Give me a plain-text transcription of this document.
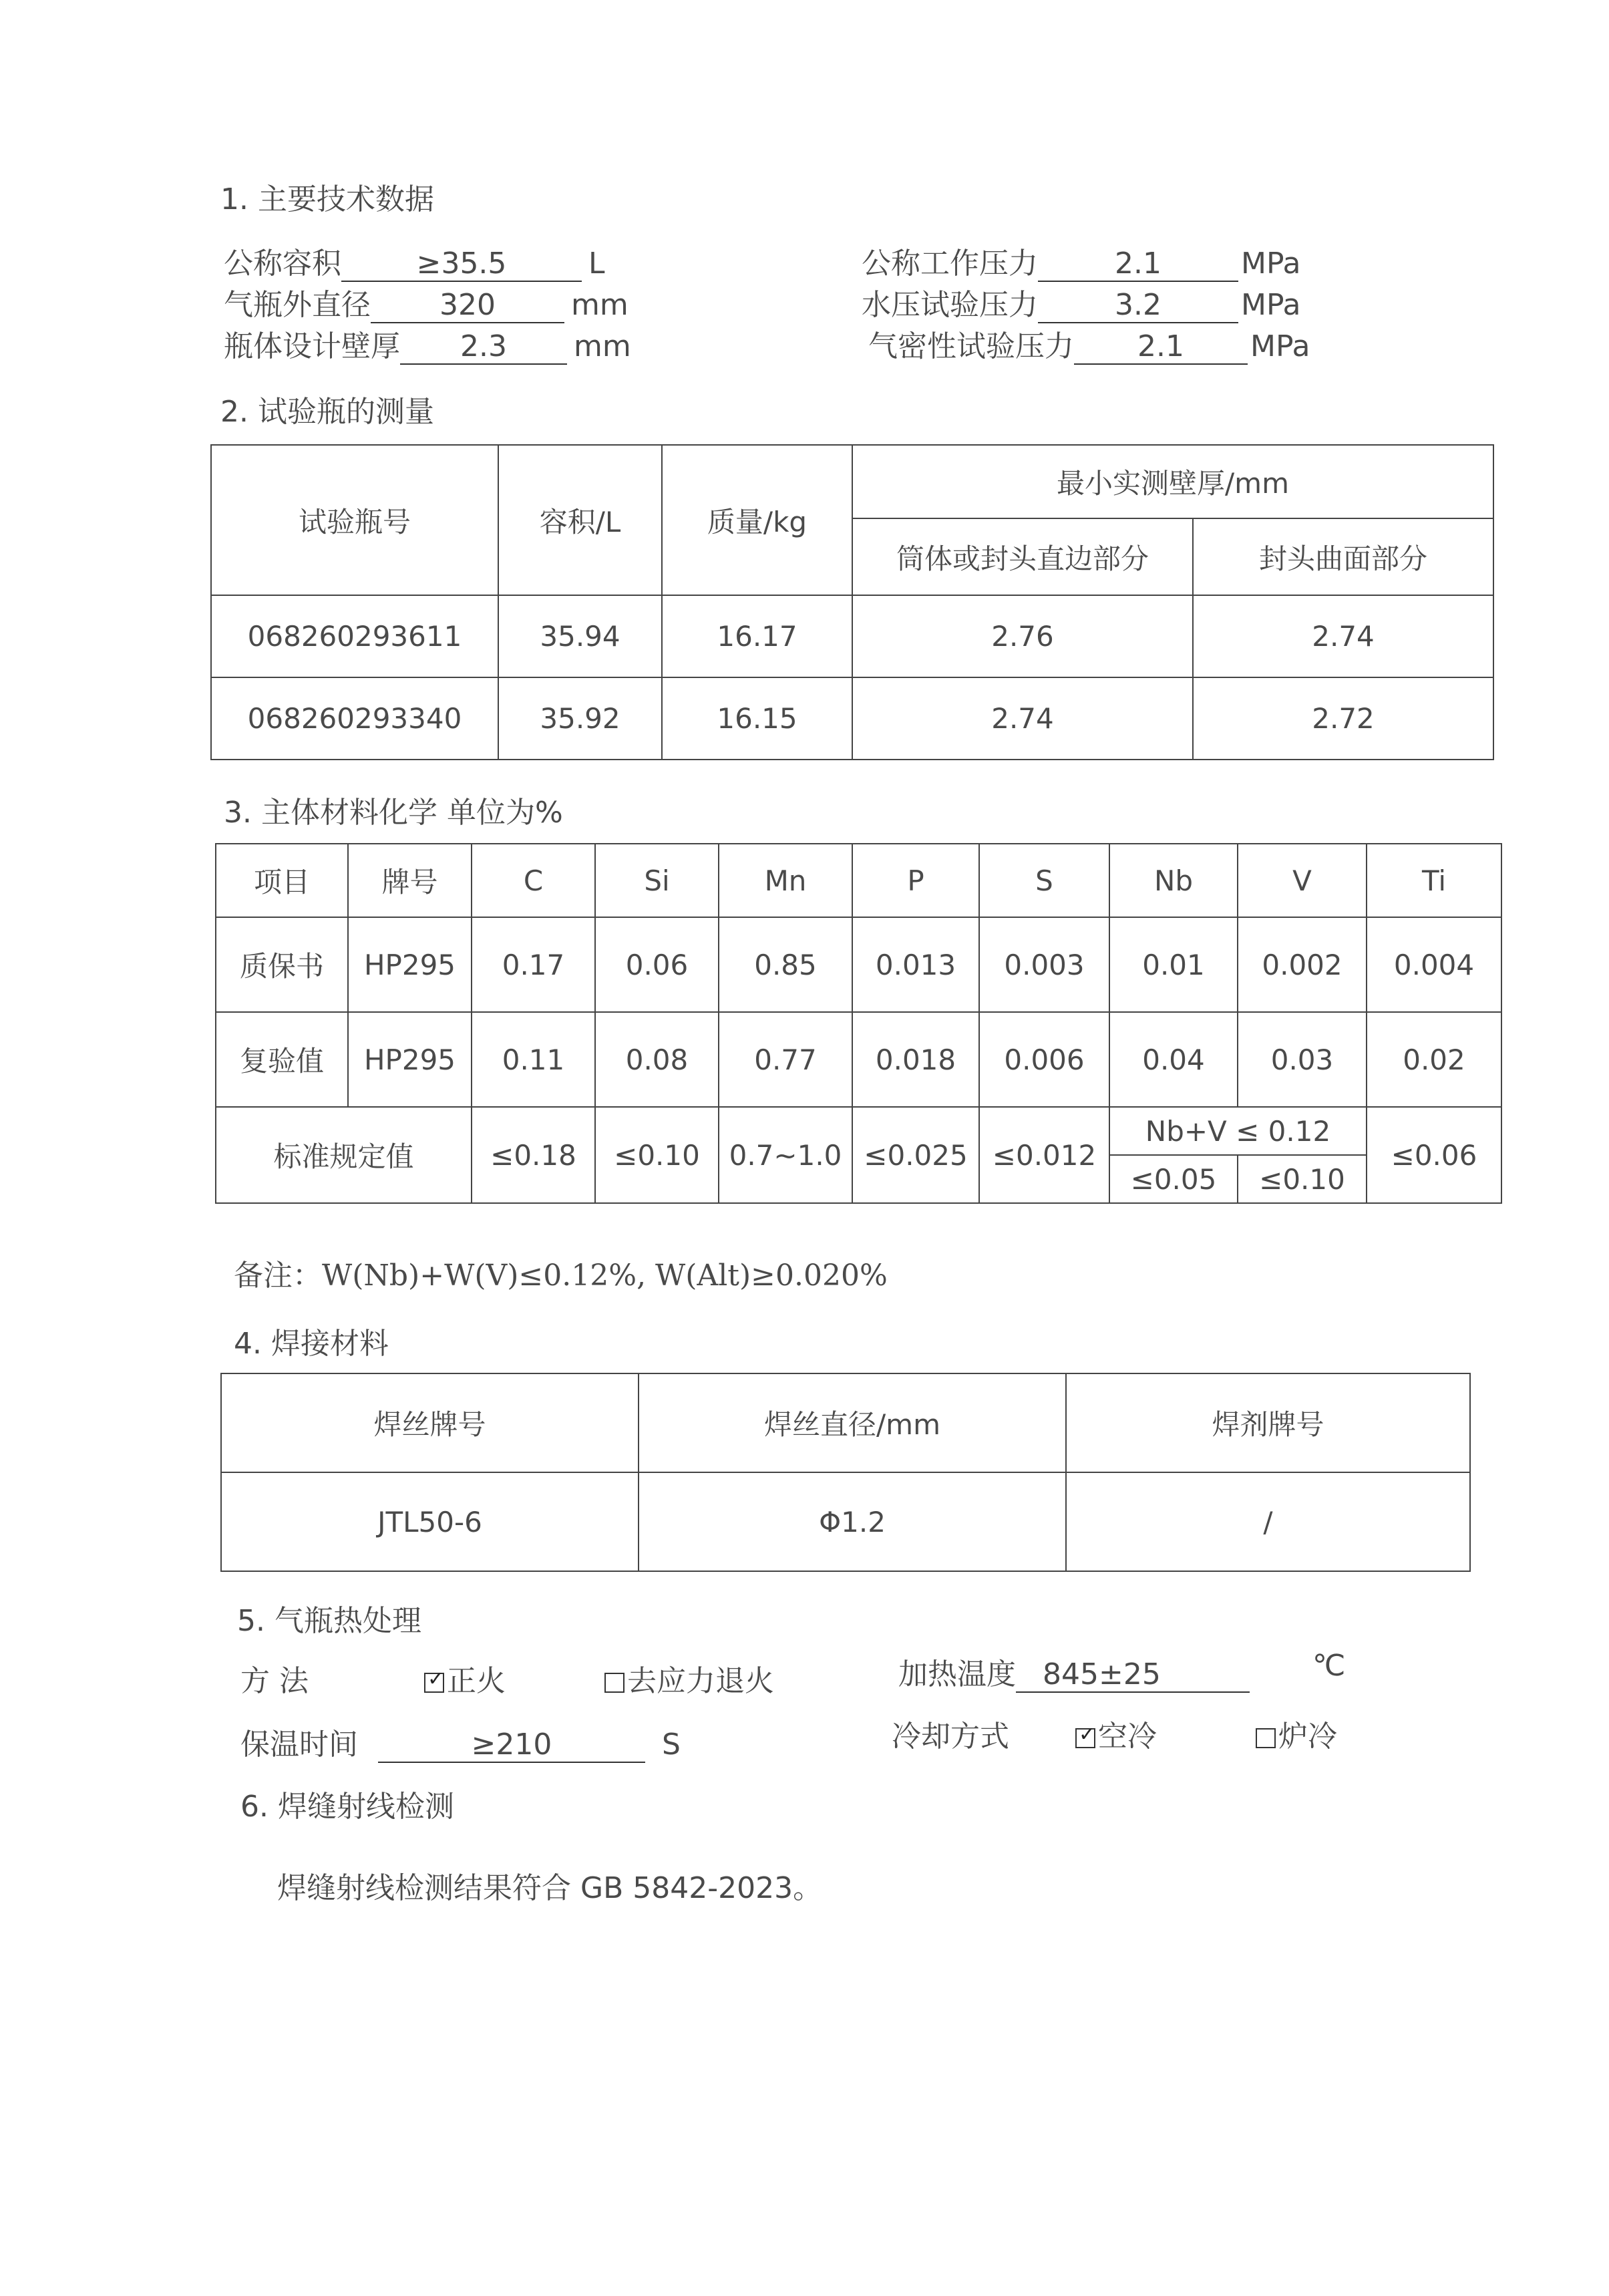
1. 主要技术数据
公称容积	≥35.5	L
气瓶外直径 320	mm
瓶体设计壁厚 2.3 mm
公称工作压力	2.1	MPa
水压试验压力	3.2	MPa
气密性试验压力 2.1 MPa
2. 试验瓶的测量
试验瓶号	容积/L	质量/kg	最小实测壁厚/mm	
			筒体或封头直边部分	封头曲面部分
068260293611	35.94	16.17	2.76	2.74
068260293340	35.92	16.15	2.74	2.72
3. 主体材料化学 单位为%
项目	牌号	C	Si	Mn	P	S	Nb	V	Ti
质保书	HP295	0.17	0.06	0.85	0.013	0.003	0.01	0.002	0.004
复验值	HP295	0.11	0.08	0.77	0.018	0.006	0.04	0.03	0.02
标准规定值		≤0.18	≤0.10	0.7~1.0	≤0.025	≤0.012	Nb+V ≤ 0.12		≤0.06
							≤0.05	≤0.10	
备注：W(Nb)+W(V)≤0.12%, W(Alt)≥0.020%
4. 焊接材料
焊丝牌号	焊丝直径/mm	焊剂牌号
JTL50-6	Φ1.2	/
5. 气瓶热处理
方 法 ✓	正火	去应力退火	加热温度 845±25	℃
保温时间	≥210	S	冷却方式 ✓	空冷	炉冷
6. 焊缝射线检测
焊缝射线检测结果符合 GB 5842-2023。
